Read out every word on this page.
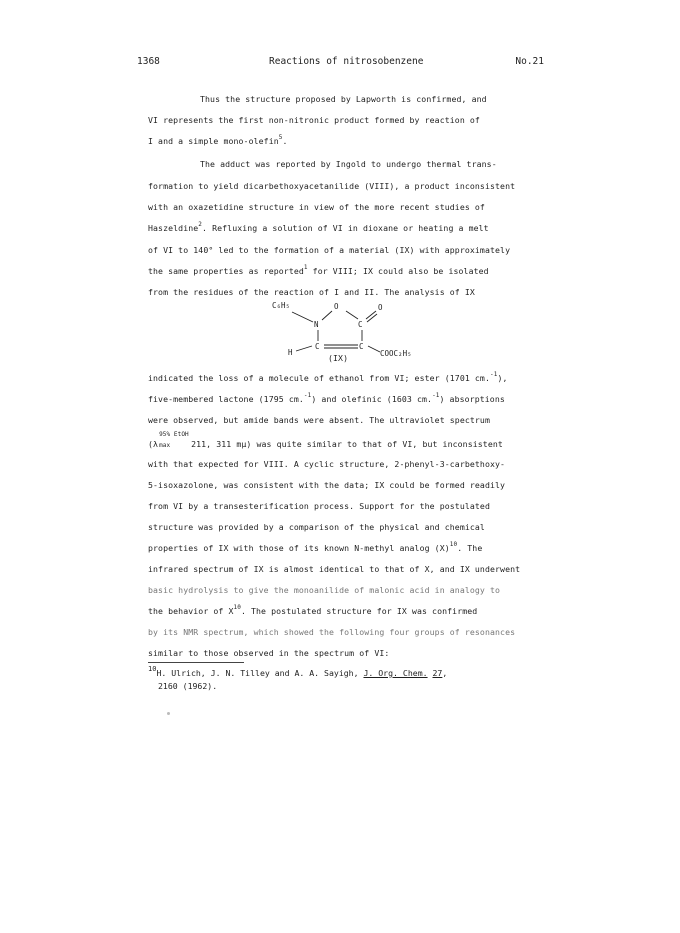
1368	Reactions of nitrosobenzene	No.21
Thus the structure proposed by Lapworth is confirmed, and
VI represents the first non-nitronic product formed by reaction of
I and a simple mono-olefin$^5$.
The adduct was reported by Ingold to undergo thermal trans-
formation to yield dicarbethoxyacetanilide (VIII), a product inconsistent
with an oxazetidine structure in view of the more recent studies of
Haszeldine$^2$. Refluxing a solution of VI in dioxane or heating a melt
of VI to 140° led to the formation of a material (IX) with approximately
the same properties as reported$^1$ for VIII; IX could also be isolated
from the residues of the reaction of I and II. The analysis of IX
C₆H₅	O
N	C
O
C	C
H	COOC₂H₅
(IX)
indicated the loss of a molecule of ethanol from VI; ester (1701 cm.$^{-1}$),
five-membered lactone (1795 cm.$^{-1}$) and olefinic (1603 cm.$^{-1}$) absorptions
were observed, but amide bands were absent. The ultraviolet spectrum
(λ
95% EtOH
max 211, 311 mμ) was quite similar to that of VI, but inconsistent
with that expected for VIII. A cyclic structure, 2-phenyl-3-carbethoxy-
5-isoxazolone, was consistent with the data; IX could be formed readily
from VI by a transesterification process. Support for the postulated
structure was provided by a comparison of the physical and chemical
properties of IX with those of its known N-methyl analog $(X)^{10}$. The
infrared spectrum of IX is almost identical to that of X, and IX underwent
basic hydrolysis to give the monoanilide of malonic acid in analogy to
the behavior of $X^{10}$. The postulated structure for IX was confirmed
by its NMR spectrum, which showed the following four groups of resonances
similar to those observed in the spectrum of VI:
$^{10}$H. Ulrich, J. N. Tilley and A. A. Sayigh, J. Org. Chem. 27,
2160 (1962).
